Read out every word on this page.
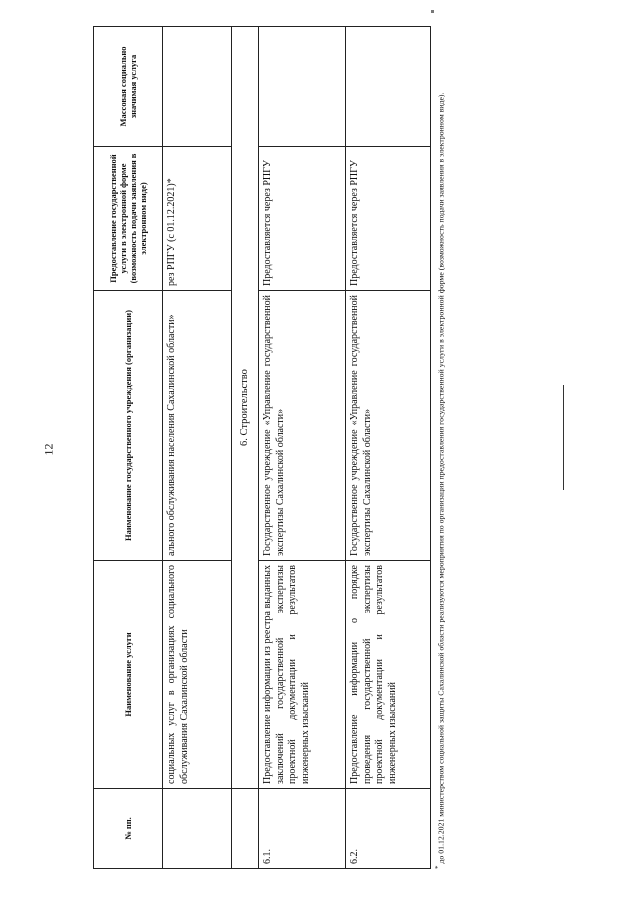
12
№ пп.	Наименование услуги	Наименование государственного учреждения (организации)	Предоставление государственной услуги в электронной форме (возможность подачи заявления в электронном виде)	Массовая социально значимая услуга
	социальных услуг в организациях социального обслуживания Сахалинской области	ального обслуживания населения Сахалинской области»	рез РПГУ (с 01.12.2021)*	
	6. Строительство			
6.1.	Предоставление информации из реестра выданных заключений государственной экспертизы проектной документации и результатов инженерных изысканий	Государственное учреждение «Управление государственной экспертизы Сахалинской области»	Предоставляется через РПГУ	
6.2.	Предоставление информации о порядке проведения государственной экспертизы проектной документации и результатов инженерных изысканий	Государственное учреждение «Управление государственной экспертизы Сахалинской области»	Предоставляется через РПГУ	
* до 01.12.2021 министерством социальной защиты Сахалинской области реализуются мероприятия по организации предоставления государственной услуги в электронной форме (возможность подачи заявления в электронном виде).
